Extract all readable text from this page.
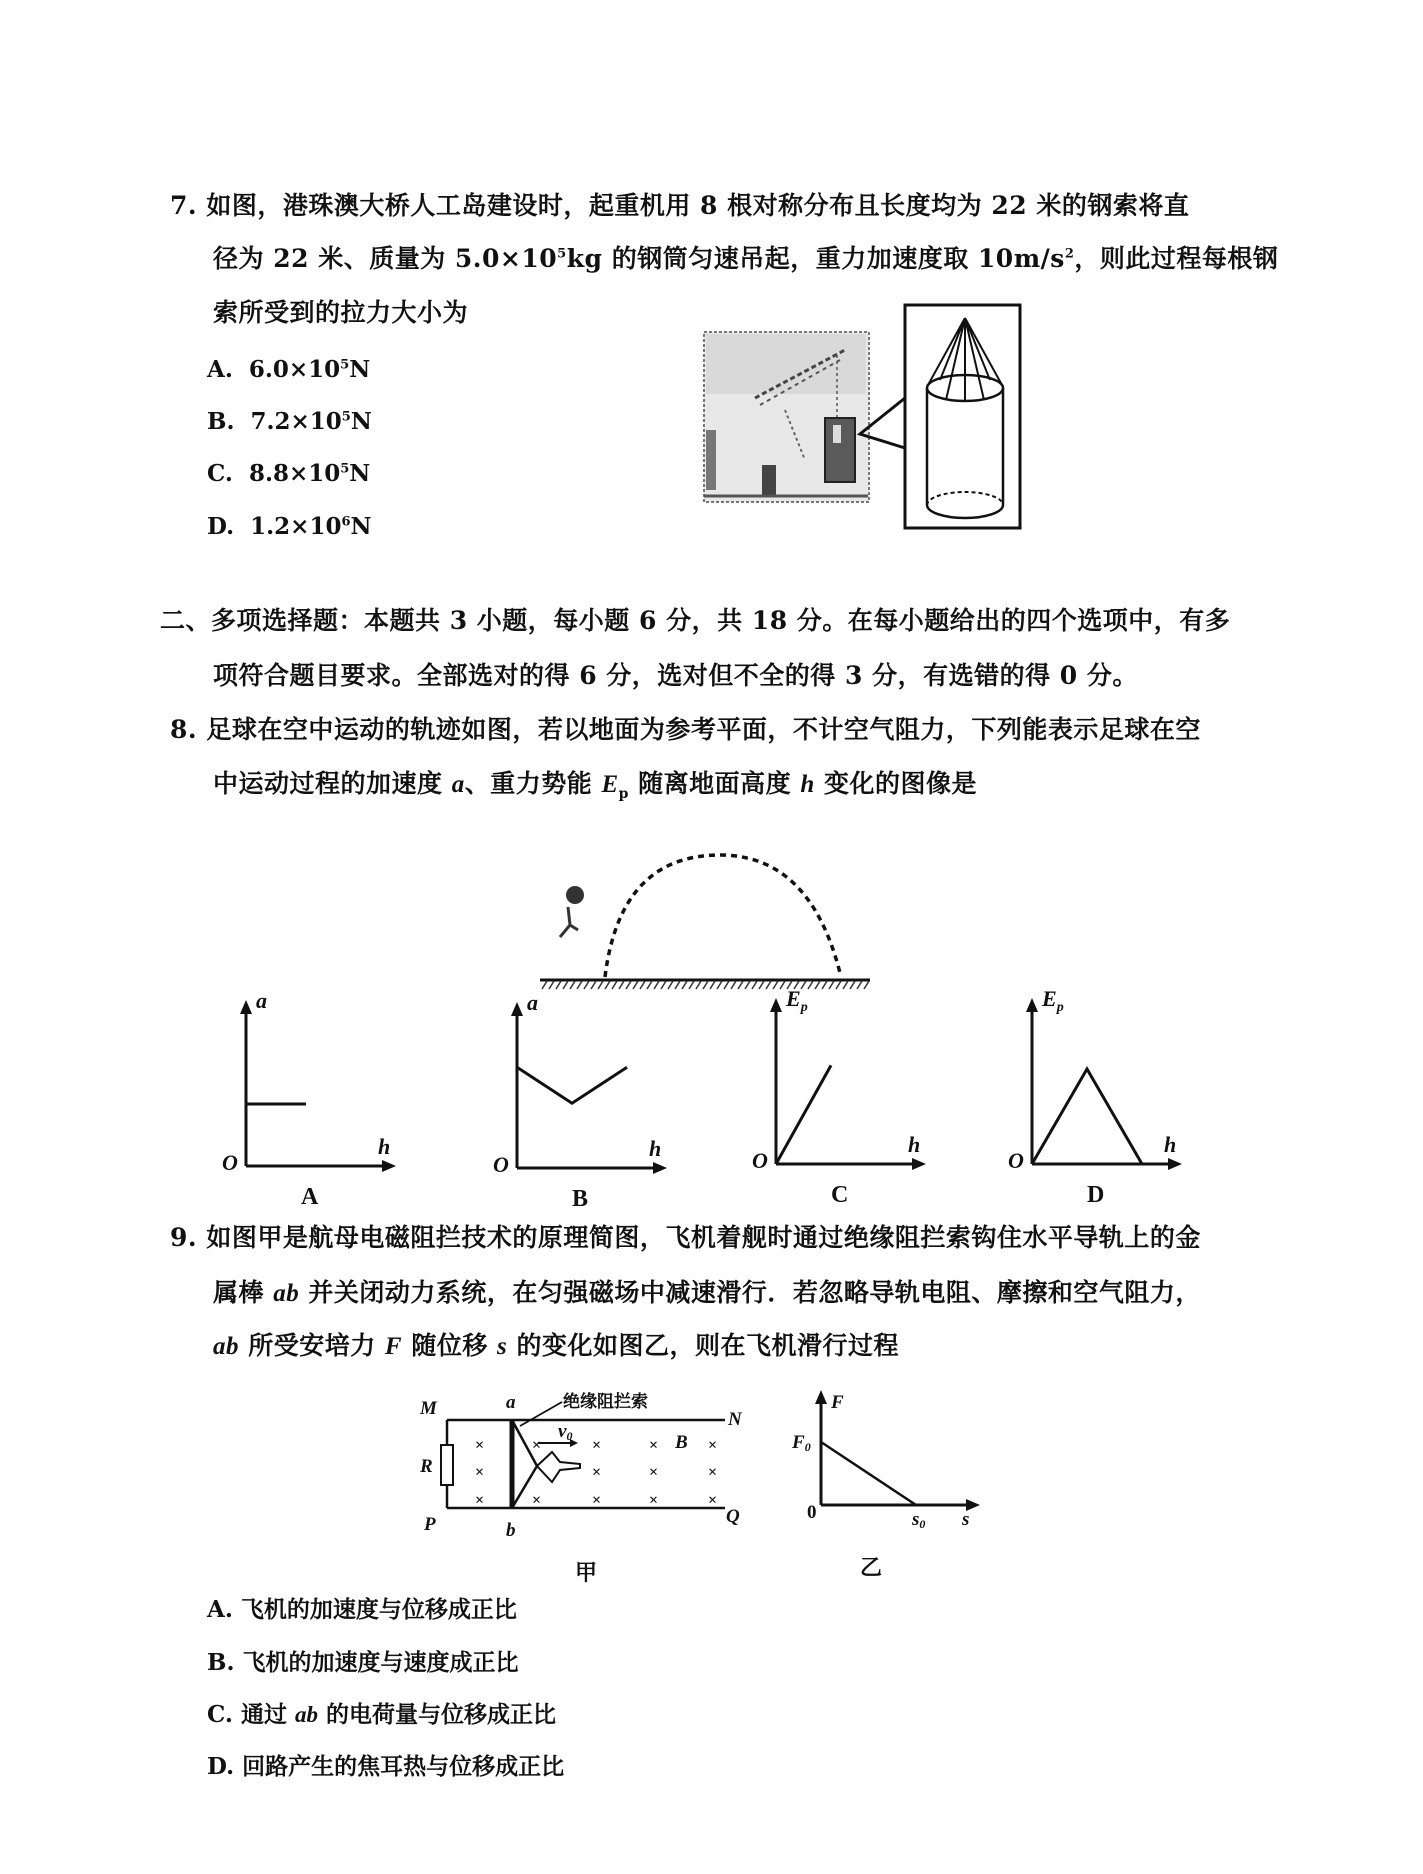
7. 如图，港珠澳大桥人工岛建设时，起重机用 8 根对称分布且长度均为 22 米的钢索将直
径为 22 米、质量为 $5.0\times 10^5kg$ 的钢筒匀速吊起，重力加速度取 $10m/s^2$，则此过程每根钢
索所受到的拉力大小为
A. $6.0\times 10^5N$
B. $7.2\times 10^5N$
C. $8.8\times 10^5N$
D. $1.2\times 10^6N$
二、多项选择题：本题共 3 小题，每小题 6 分，共 18 分。在每小题给出的四个选项中，有多
项符合题目要求。全部选对的得 6 分，选对但不全的得 3 分，有选错的得 0 分。
8. 足球在空中运动的轨迹如图，若以地面为参考平面，不计空气阻力，下列能表示足球在空
中运动过程的加速度 a、重力势能 $E_p$ 随离地面高度 h 变化的图像是
O
a
h
A
O
a
h
B
O
$E_p$
h
C
O
$E_p$
h
D
9. 如图甲是航母电磁阻拦技术的原理简图，飞机着舰时通过绝缘阻拦索钩住水平导轨上的金
属棒 ab 并关闭动力系统，在匀强磁场中减速滑行．若忽略导轨电阻、摩擦和空气阻力，
ab 所受安培力 F 随位移 s 的变化如图乙，则在飞机滑行过程
×
×
×
×
×
×
×
×
×
×
×
×
×
×
M	a
N
R
B
P	b
Q
v0
绝缘阻拦索
甲
F
F0
0	s0 s
乙
A. 飞机的加速度与位移成正比
B. 飞机的加速度与速度成正比
C. 通过 ab 的电荷量与位移成正比
D. 回路产生的焦耳热与位移成正比
